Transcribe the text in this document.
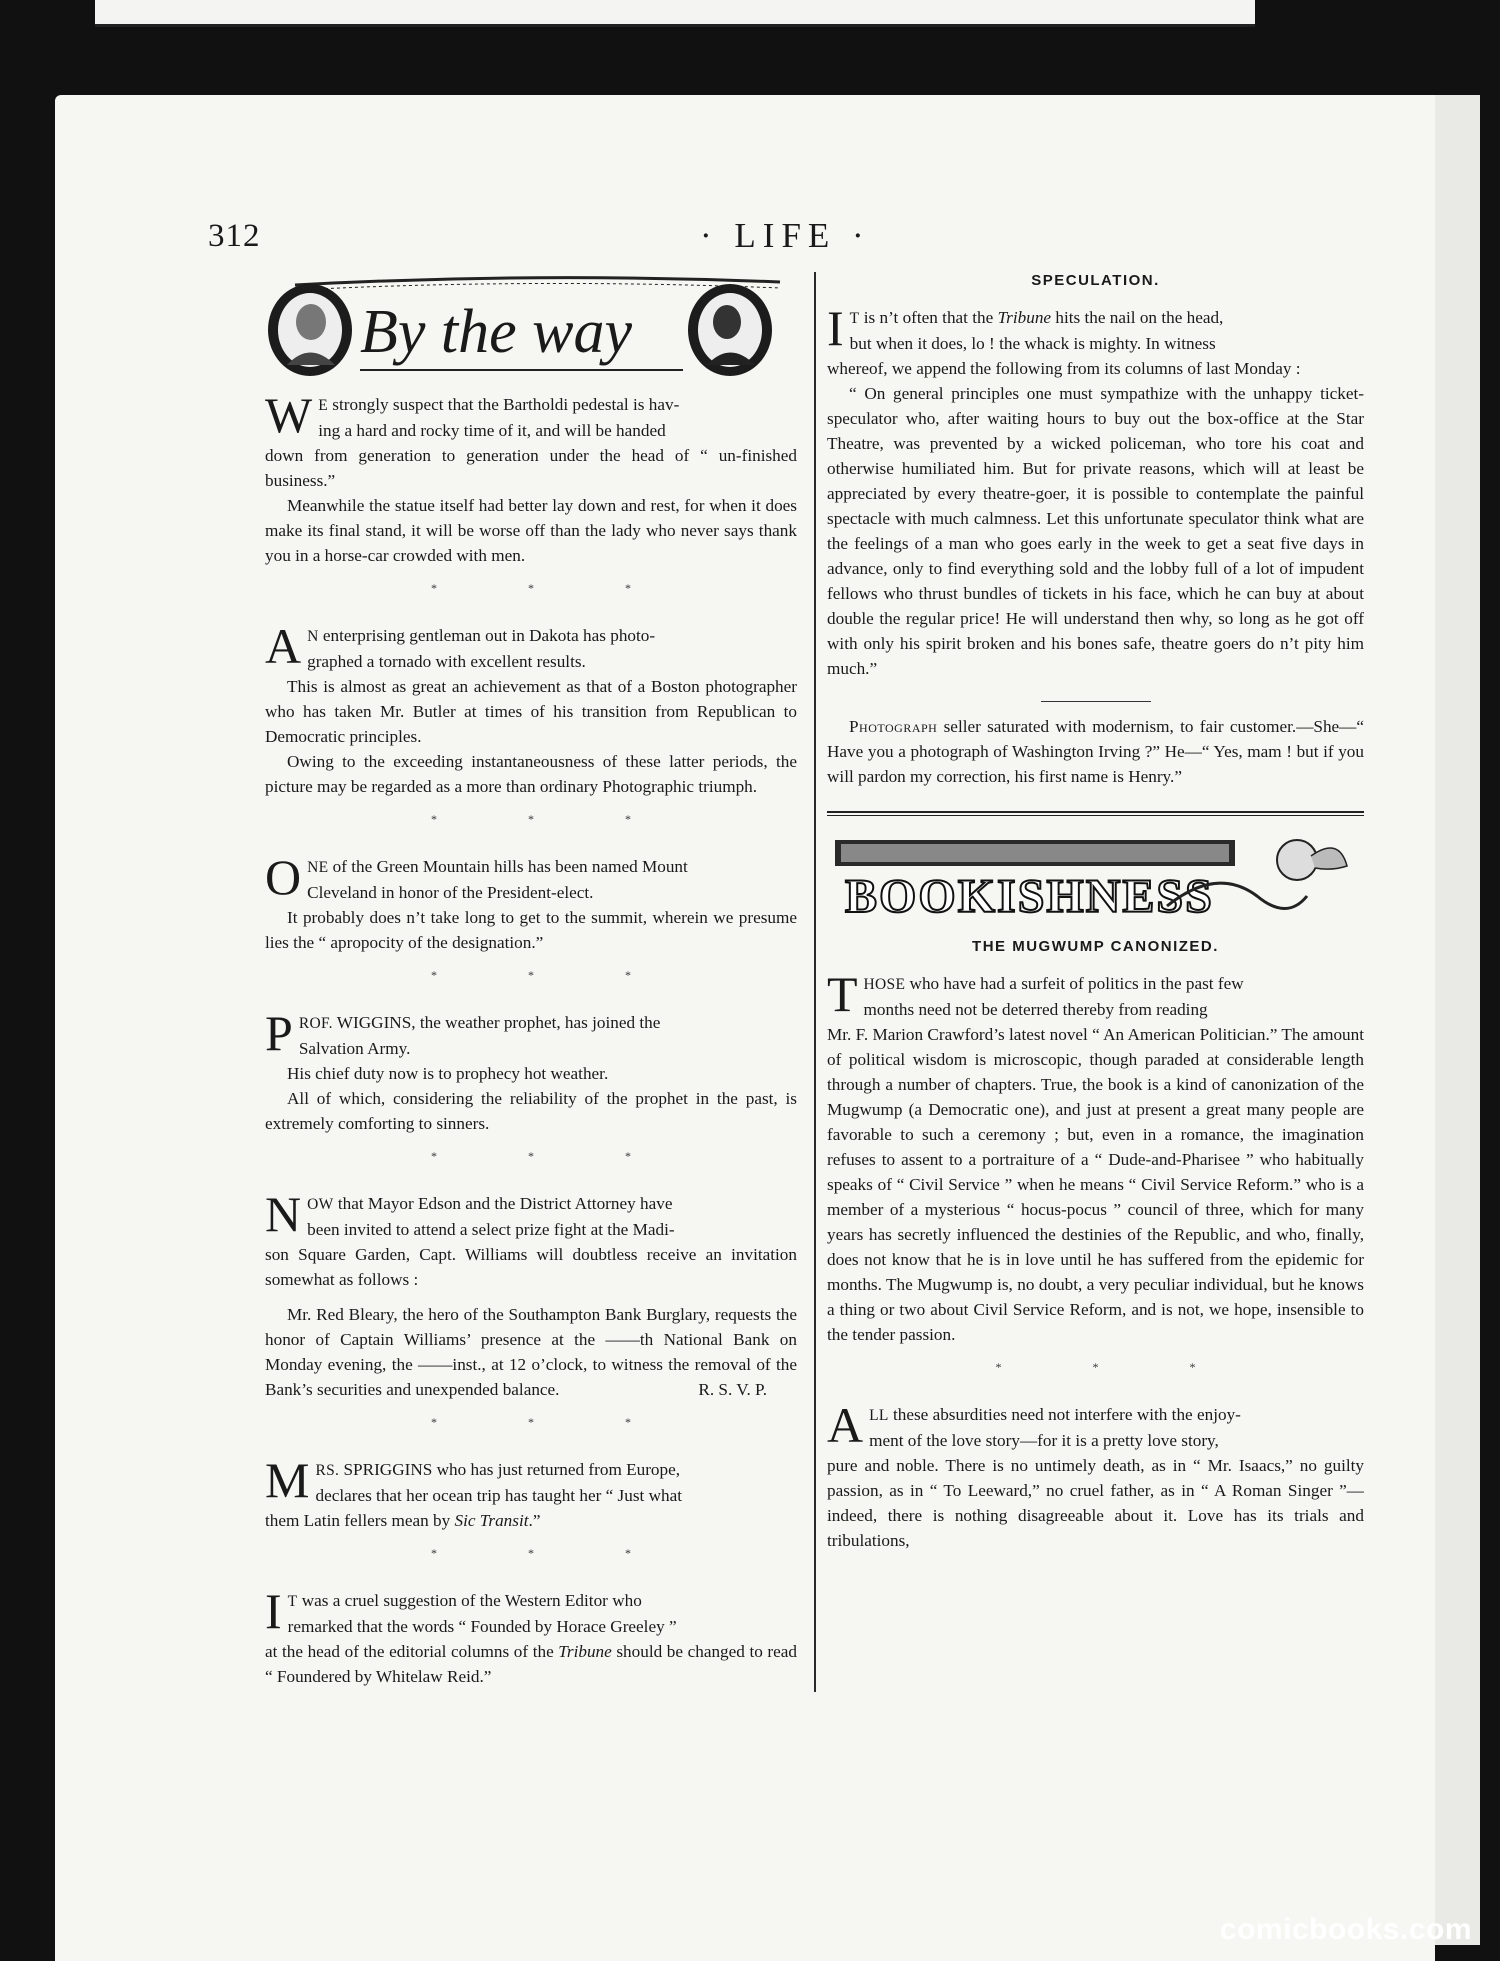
312	· LIFE ·
By the way
W E strongly suspect that the Bartholdi pedestal is hav-

ing a hard and rocky time of it, and will be handed

down from generation to generation under the head of “ un-finished business.”

Meanwhile the statue itself had better lay down and rest, for when it does make its final stand, it will be worse off than the lady who never says thank you in a horse-car crowded with men.

* * *
A N enterprising gentleman out in Dakota has photo-

graphed a tornado with excellent results.

This is almost as great an achievement as that of a Boston photographer who has taken Mr. Butler at times of his transition from Republican to Democratic principles.

Owing to the exceeding instantaneousness of these latter periods, the picture may be regarded as a more than ordinary Photographic triumph.

* * *
O NE of the Green Mountain hills has been named Mount

Cleveland in honor of the President-elect.

It probably does n’t take long to get to the summit, wherein we presume lies the “ apropocity of the designation.”

* * *
P ROF. WIGGINS, the weather prophet, has joined the

Salvation Army.

His chief duty now is to prophecy hot weather.

All of which, considering the reliability of the prophet in the past, is extremely comforting to sinners.

* * *
N OW that Mayor Edson and the District Attorney have

been invited to attend a select prize fight at the Madi-

son Square Garden, Capt. Williams will doubtless receive an invitation somewhat as follows :

Mr. Red Bleary, the hero of the Southampton Bank Burglary, requests the honor of Captain Williams’ presence at the ——th National Bank on Monday evening, the ——inst., at 12 o’clock, to witness the removal of the Bank’s securities and unexpended balance.	R. S. V. P.

* * *
M RS. SPRIGGINS who has just returned from Europe,

declares that her ocean trip has taught her “ Just what

them Latin fellers mean by Sic Transit.”

* * *
I T was a cruel suggestion of the Western Editor who

remarked that the words “ Founded by Horace Greeley ”

at the head of the editorial columns of the Tribune should be changed to read “ Foundered by Whitelaw Reid.”

SPECULATION.
I T is n’t often that the Tribune hits the nail on the head,

but when it does, lo ! the whack is mighty. In witness

whereof, we append the following from its columns of last Monday :

“ On general principles one must sympathize with the unhappy ticket-speculator who, after waiting hours to buy out the box-office at the Star Theatre, was prevented by a wicked policeman, who tore his coat and otherwise humiliated him. But for private reasons, which will at least be appreciated by every theatre-goer, it is possible to contemplate the painful spectacle with much calmness. Let this unfortunate speculator think what are the feelings of a man who goes early in the week to get a seat five days in advance, only to find everything sold and the lobby full of a lot of impudent fellows who thrust bundles of tickets in his face, which he can buy at about double the regular price! He will understand then why, so long as he got off with only his spirit broken and his bones safe, theatre goers do n’t pity him much.”

Photograph seller saturated with modernism, to fair customer.—She—“ Have you a photograph of Washington Irving ?” He—“ Yes, mam ! but if you will pardon my correction, his first name is Henry.”

BOOKISHNESS
THE MUGWUMP CANONIZED.
T HOSE who have had a surfeit of politics in the past few

months need not be deterred thereby from reading

Mr. F. Marion Crawford’s latest novel “ An American Politician.” The amount of political wisdom is microscopic, though paraded at considerable length through a number of chapters. True, the book is a kind of canonization of the Mugwump (a Democratic one), and just at present a great many people are favorable to such a ceremony ; but, even in a romance, the imagination refuses to assent to a portraiture of a “ Dude-and-Pharisee ” who habitually speaks of “ Civil Service ” when he means “ Civil Service Reform.” who is a member of a mysterious “ hocus-pocus ” council of three, which for many years has secretly influenced the destinies of the Republic, and who, finally, does not know that he is in love until he has suffered from the epidemic for months. The Mugwump is, no doubt, a very peculiar individual, but he knows a thing or two about Civil Service Reform, and is not, we hope, insensible to the tender passion.

* * *
A LL these absurdities need not interfere with the enjoy-

ment of the love story—for it is a pretty love story,

pure and noble. There is no untimely death, as in “ Mr. Isaacs,” no guilty passion, as in “ To Leeward,” no cruel father, as in “ A Roman Singer ”—indeed, there is nothing disagreeable about it. Love has its trials and tribulations,

comicbooks.com
